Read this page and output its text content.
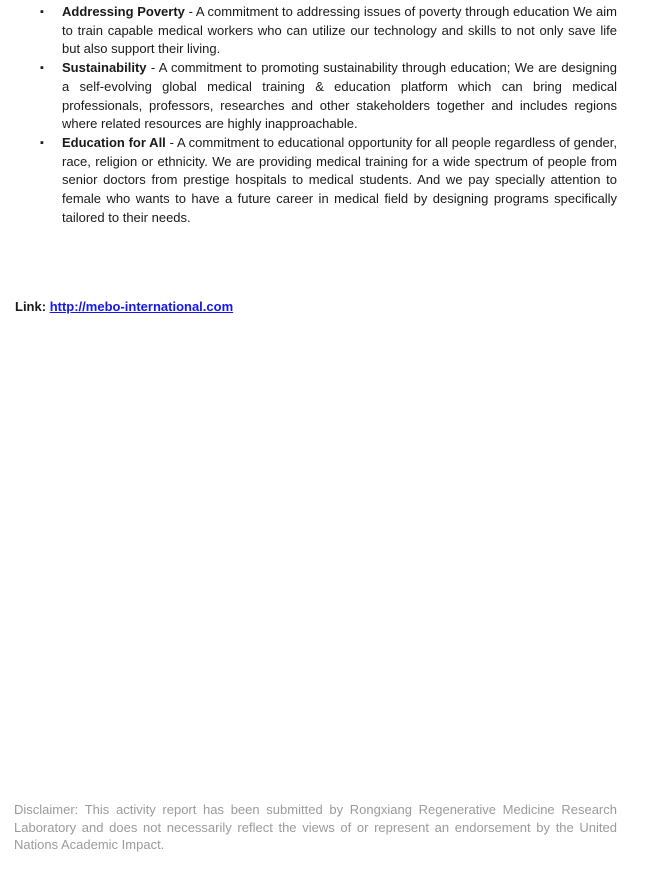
▪ Addressing Poverty - A commitment to addressing issues of poverty through education We aim to train capable medical workers who can utilize our technology and skills to not only save life but also support their living.
▪ Sustainability - A commitment to promoting sustainability through education; We are designing a self-evolving global medical training & education platform which can bring medical professionals, professors, researches and other stakeholders together and includes regions where related resources are highly inapproachable.
▪ Education for All - A commitment to educational opportunity for all people regardless of gender, race, religion or ethnicity. We are providing medical training for a wide spectrum of people from senior doctors from prestige hospitals to medical students. And we pay specially attention to female who wants to have a future career in medical field by designing programs specifically tailored to their needs.

Link: http://mebo-international.com

Disclaimer: This activity report has been submitted by Rongxiang Regenerative Medicine Research Laboratory and does not necessarily reflect the views of or represent an endorsement by the United Nations Academic Impact.
